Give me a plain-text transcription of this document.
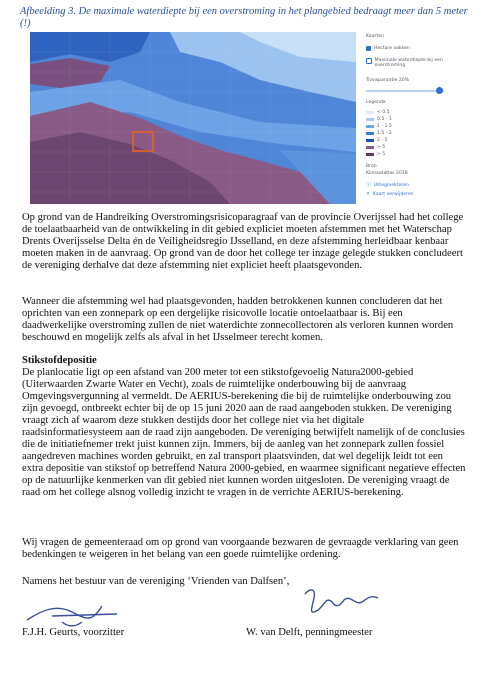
Afbeelding 3. De maximale waterdiepte bij een overstroming in het plangebied bedraagt meer dan 5 meter (!)
Kaarten
Hectare vakken
Maximale waterdiepte bij een overstroming
Transparantie 20%
Legenda
< 0.5
0.5 - 1
1 - 1.5
1.5 - 2
2 - 5
> 5
> 5
Bron
Klimaatatlas 2018
ⓘ Uitleg/vektoren
✕ Kaart verwijderen

Op grond van de Handreiking Overstromingsrisicoparagraaf van de provincie Overijssel had het college de toelaatbaarheid van de ontwikkeling in dit gebied expliciet moeten afstemmen met het Waterschap Drents Overijsselse Delta én de Veiligheidsregio IJsselland, en deze afstemming herleidbaar kenbaar moeten maken in de aanvraag. Op grond van de door het college ter inzage gelegde stukken concludeert de vereniging derhalve dat deze afstemming niet expliciet heeft plaatsgevonden.

Wanneer die afstemming wel had plaatsgevonden, hadden betrokkenen kunnen concluderen dat het oprichten van een zonnepark op een dergelijke risicovolle locatie ontoelaatbaar is. Bij een daadwerkelijke overstroming zullen de niet waterdichte zonnecollectoren als verloren kunnen worden beschouwd en mogelijk zelfs als afval in het IJsselmeer terecht komen.

Stikstofdepositie

De planlocatie ligt op een afstand van 200 meter tot een stikstofgevoelig Natura2000-gebied (Uiterwaarden Zwarte Water en Vecht), zoals de ruimtelijke onderbouwing bij de aanvraag Omgevingsvergunning al vermeldt. De AERIUS-berekening die bij de ruimtelijke onderbouwing zou zijn gevoegd, ontbreekt echter bij de op 15 juni 2020 aan de raad aangeboden stukken. De vereniging vraagt zich af waarom deze stukken destijds door het college niet via het digitale raadsinformatiesysteem aan de raad zijn aangeboden. De vereniging betwijfelt namelijk of de conclusies die de initiatiefnemer trekt juist kunnen zijn. Immers, bij de aanleg van het zonnepark zullen fossiel aangedreven machines worden gebruikt, en zal transport plaatsvinden, dat wel degelijk leidt tot een extra depositie van stikstof op betreffend Natura 2000-gebied, en waarmee significant negatieve effecten op de natuurlijke kenmerken van dit gebied niet kunnen worden uitgesloten. De vereniging vraagt de raad om het college alsnog volledig inzicht te vragen in de verrichte AERIUS-berekening.

Wij vragen de gemeenteraad om op grond van voorgaande bezwaren de gevraagde verklaring van geen bedenkingen te weigeren in het belang van een goede ruimtelijke ordening.

Namens het bestuur van de vereniging ‘Vrienden van Dalfsen’,

F.J.H. Geurts, voorzitter	W. van Delft, penningmeester
